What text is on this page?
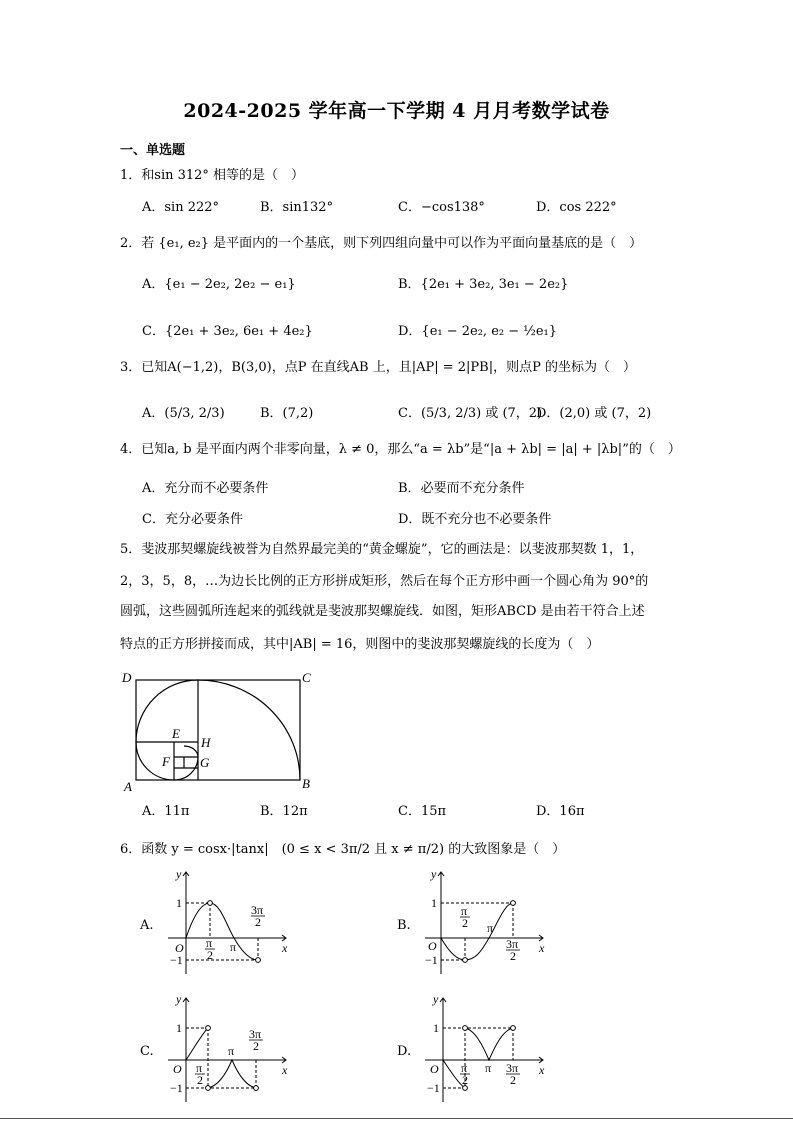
2024-2025 学年高一下学期 4 月月考数学试卷
一、单选题
1．和sin 312° 相等的是（　）
A．sin 222°	B．sin132°	C．−cos138°	D．cos 222°
2．若 {e₁, e₂} 是平面内的一个基底，则下列四组向量中可以作为平面向量基底的是（　）
A．{e₁ − 2e₂, 2e₂ − e₁}	B．{2e₁ + 3e₂, 3e₁ − 2e₂}
C．{2e₁ + 3e₂, 6e₁ + 4e₂}	D．{e₁ − 2e₂, e₂ − ½e₁}
3．已知A(−1,2)，B(3,0)，点P 在直线AB 上，且|AP| = 2|PB|，则点P 的坐标为（　）
A．(5/3, 2/3)	B．(7,2)	C．(5/3, 2/3) 或 (7，2)
D．(2,0) 或 (7，2)
4．已知a, b 是平面内两个非零向量，λ ≠ 0，那么“a = λb”是“|a + λb| = |a| + |λb|”的（　）
A．充分而不必要条件	B．必要而不充分条件
C．充分必要条件	D．既不充分也不必要条件
5．斐波那契螺旋线被誉为自然界最完美的“黄金螺旋”，它的画法是：以斐波那契数 1，1，
2，3，5，8，…为边长比例的正方形拼成矩形，然后在每个正方形中画一个圆心角为 90°的
圆弧，这些圆弧所连起来的弧线就是斐波那契螺旋线．如图，矩形ABCD 是由若干符合上述
特点的正方形拼接而成，其中|AB| = 16，则图中的斐波那契螺旋线的长度为（　）
D	C
A	B
E
F G
H
A．11π	B．12π	C．15π	D．16π
6．函数 y = cosx·|tanx|　(0 ≤ x < 3π/2 且 x ≠ π/2) 的大致图象是（　）
A.
y
x
O
1
−1
π
2
π
3π
2	B.
y
x
O
1
−1
π
2 π
3π
2
C.
y
x
O
1
−1
π
2
π
3π
2	D.
y
x
O
1
−1
π
2
π 3π
2
